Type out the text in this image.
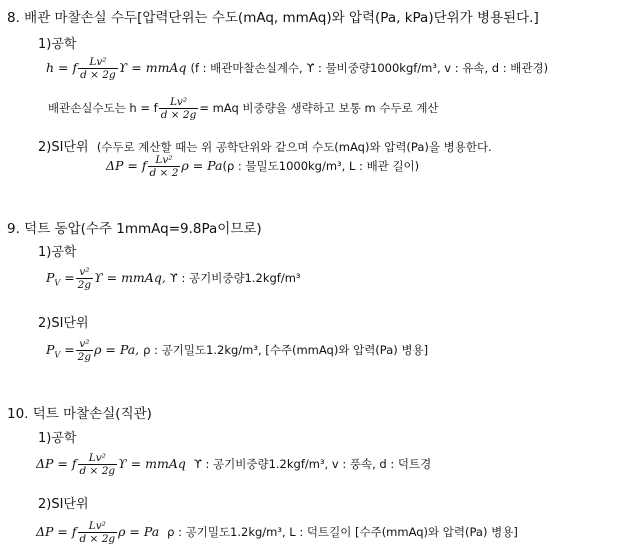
8. 배관 마찰손실 수두[압력단위는 수도(mAq, mmAq)와 압력(Pa, kPa)단위가 병용된다.]
1)공학
h = f $\frac{\text{Lv²}}{d \times 2g}$ ϒ = mmAq (f : 배관마찰손실계수, ϒ : 물비중량1000kgf/m³, v : 유속, d : 배관경)
배관손실수도는 h = f $\frac{\text{Lv²}}{d \times 2g}$ = mAq 비중량을 생략하고 보통 m 수두로 계산
2)SI단위 (수두로 계산할 때는 위 공학단위와 같으며 수도(mAq)와 압력(Pa)을 병용한다.
ΔP = f $\frac{\text{Lv²}}{d \times 2}$ ρ = Pa(ρ : 물밀도1000kg/m³, L : 배관 길이)
9. 덕트 동압(수주 1mmAq=9.8Pa이므로)
1)공학
$P_V = \frac{\text{v²}}{2g}$ ϒ = mmAq, ϒ : 공기비중량1.2kgf/m³
2)SI단위
$P_V = \frac{\text{v²}}{2g}$ ρ = Pa, ρ : 공기밀도1.2kg/m³, [수주(mmAq)와 압력(Pa) 병용]
10. 덕트 마찰손실(직관)
1)공학
ΔP = f $\frac{\text{Lv²}}{d \times 2g}$ ϒ = mmAq ϒ : 공기비중량1.2kgf/m³, v : 풍속, d : 덕트경
2)SI단위
ΔP = f $\frac{\text{Lv²}}{d \times 2g}$ ρ = Pa ρ : 공기밀도1.2kg/m³, L : 덕트길이 [수주(mmAq)와 압력(Pa) 병용]
